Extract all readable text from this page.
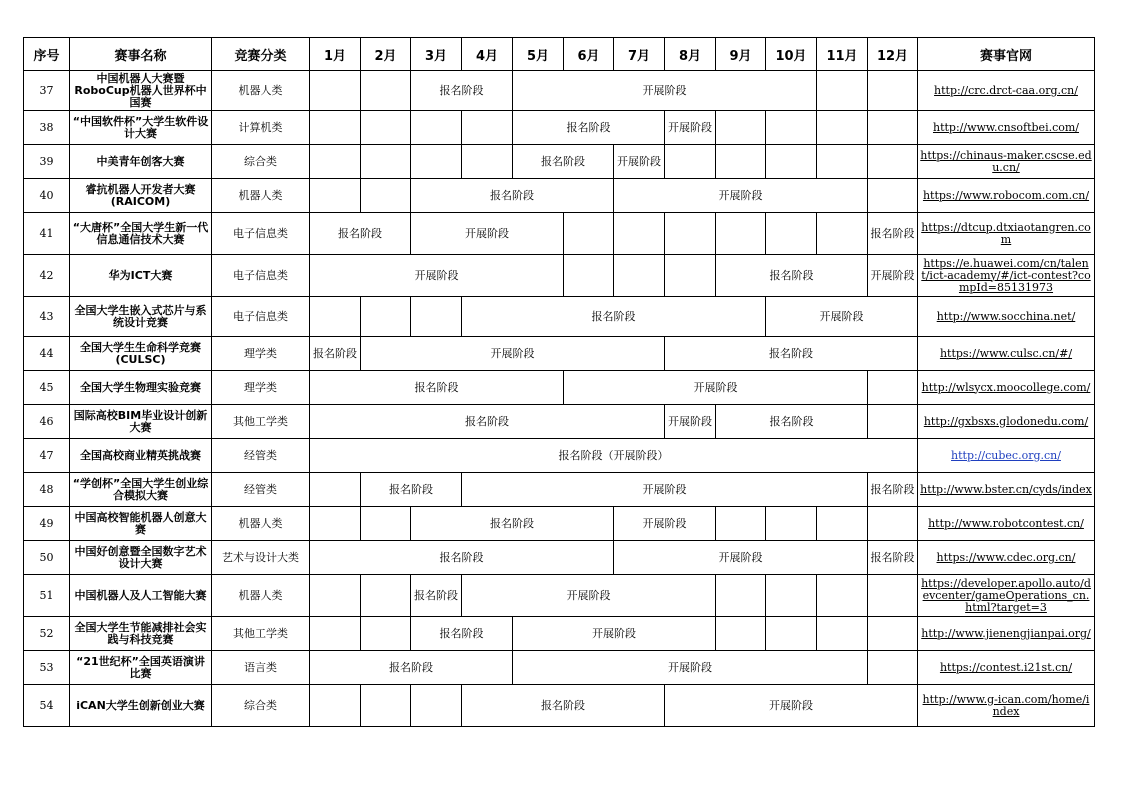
序号	赛事名称	竞赛分类	1月	2月	3月	4月	5月	6月	7月	8月	9月	10月	11月	12月	赛事官网
37	中国机器人大赛暨RoboCup机器人世界杯中国赛	机器人类			报名阶段		开展阶段								http://crc.drct-caa.org.cn/
38	“中国软件杯”大学生软件设计大赛	计算机类					报名阶段			开展阶段					http://www.cnsoftbei.com/
39	中美青年创客大赛	综合类					报名阶段		开展阶段						https://chinaus-maker.cscse.edu.cn/
40	睿抗机器人开发者大赛(RAICOM)	机器人类			报名阶段				开展阶段						https://www.robocom.com.cn/
41	“大唐杯”全国大学生新一代信息通信技术大赛	电子信息类	报名阶段		开展阶段									报名阶段	https://dtcup.dtxiaotangren.com
42	华为ICT大赛	电子信息类	开展阶段								报名阶段			开展阶段	https://e.huawei.com/cn/talent/ict-academy/#/ict-contest?compId=85131973
43	全国大学生嵌入式芯片与系统设计竞赛	电子信息类				报名阶段						开展阶段			http://www.socchina.net/
44	全国大学生生命科学竞赛(CULSC)	理学类	报名阶段	开展阶段						报名阶段					https://www.culsc.cn/#/
45	全国大学生物理实验竞赛	理学类	报名阶段					开展阶段							http://wlsycx.moocollege.com/
46	国际高校BIM毕业设计创新大赛	其他工学类	报名阶段							开展阶段	报名阶段				http://gxbsxs.glodonedu.com/
47	全国高校商业精英挑战赛	经管类	报名阶段（开展阶段）												http://cubec.org.cn/
48	“学创杯”全国大学生创业综合模拟大赛	经管类		报名阶段		开展阶段								报名阶段	http://www.bster.cn/cyds/index
49	中国高校智能机器人创意大赛	机器人类			报名阶段				开展阶段						http://www.robotcontest.cn/
50	中国好创意暨全国数字艺术设计大赛	艺术与设计大类	报名阶段						开展阶段					报名阶段	https://www.cdec.org.cn/
51	中国机器人及人工智能大赛	机器人类			报名阶段	开展阶段									https://developer.apollo.auto/devcenter/gameOperations_cn.html?target=3
52	全国大学生节能减排社会实践与科技竞赛	其他工学类			报名阶段		开展阶段								http://www.jienengjianpai.org/
53	“21世纪杯”全国英语演讲比赛	语言类	报名阶段				开展阶段								https://contest.i21st.cn/
54	iCAN大学生创新创业大赛	综合类				报名阶段				开展阶段					http://www.g-ican.com/home/index
